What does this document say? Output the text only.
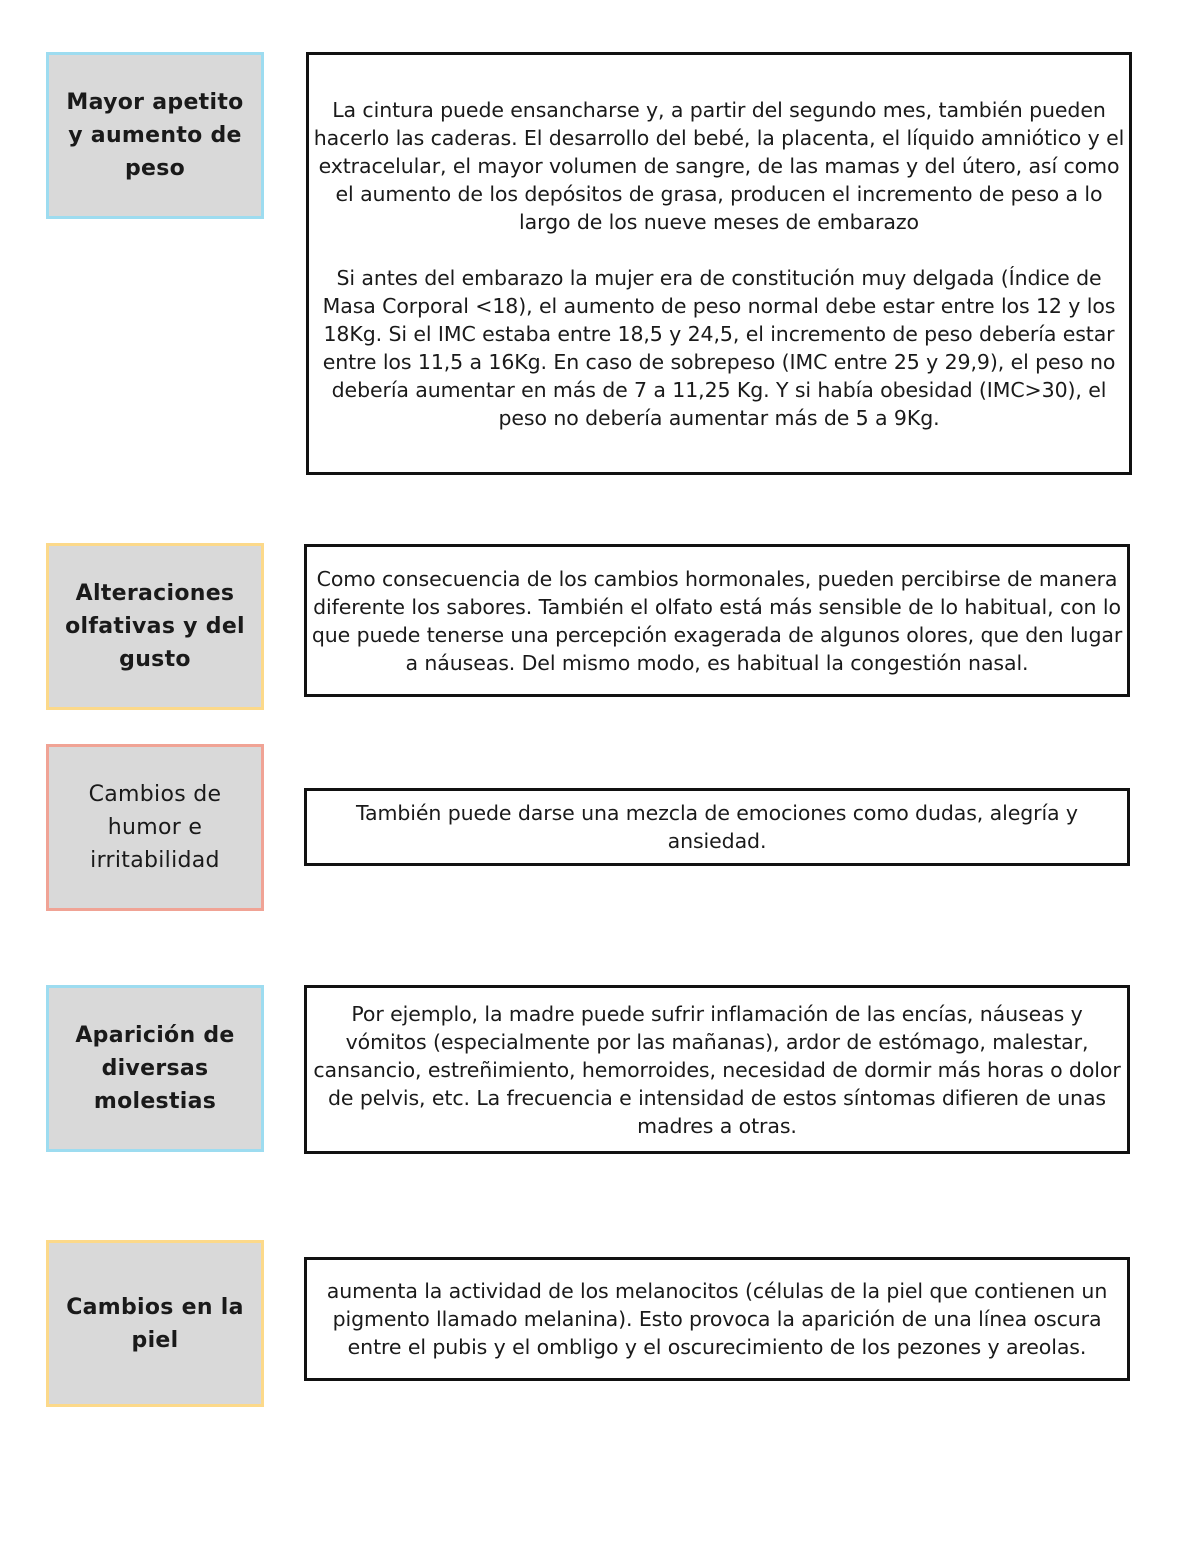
Mayor apetito y aumento de peso
La cintura puede ensancharse y, a partir del segundo mes, también pueden hacerlo las caderas. El desarrollo del bebé, la placenta, el líquido amniótico y el extracelular, el mayor volumen de sangre, de las mamas y del útero, así como el aumento de los depósitos de grasa, producen el incremento de peso a lo largo de los nueve meses de embarazo

Si antes del embarazo la mujer era de constitución muy delgada (Índice de Masa Corporal <18), el aumento de peso normal debe estar entre los 12 y los 18Kg. Si el IMC estaba entre 18,5 y 24,5, el incremento de peso debería estar entre los 11,5 a 16Kg. En caso de sobrepeso (IMC entre 25 y 29,9), el peso no debería aumentar en más de 7 a 11,25 Kg. Y si había obesidad (IMC>30), el peso no debería aumentar más de 5 a 9Kg.
Alteraciones olfativas y del gusto
Como consecuencia de los cambios hormonales, pueden percibirse de manera diferente los sabores. También el olfato está más sensible de lo habitual, con lo que puede tenerse una percepción exagerada de algunos olores, que den lugar a náuseas. Del mismo modo, es habitual la congestión nasal.
Cambios de humor e irritabilidad
También puede darse una mezcla de emociones como dudas, alegría y ansiedad.
Aparición de diversas molestias
Por ejemplo, la madre puede sufrir inflamación de las encías, náuseas y vómitos (especialmente por las mañanas), ardor de estómago, malestar, cansancio, estreñimiento, hemorroides, necesidad de dormir más horas o dolor de pelvis, etc. La frecuencia e intensidad de estos síntomas difieren de unas madres a otras.
Cambios en la piel
aumenta la actividad de los melanocitos (células de la piel que contienen un pigmento llamado melanina). Esto provoca la aparición de una línea oscura entre el pubis y el ombligo y el oscurecimiento de los pezones y areolas.
